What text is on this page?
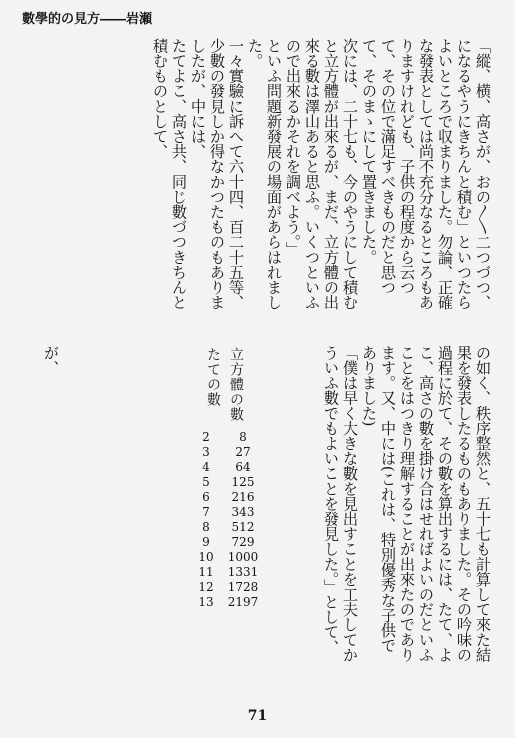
數學的の見方――岩瀬

「縱、横、高さが、おの〳〵二つづつ、になるやうにきちんと積む」といつたらよいところで収まりました。勿論、正確な發表としては尚不充分なるところもありますけれども、子供の程度から云つて、その位で滿足すべきものだと思つて、そのまゝにして置きました。

次には、二十七も、今のやうにして積むと立方體が出來るが、まだ、立方體の出來る數は澤山あると思ふ。いくつといふので出來るかそれを調べよう。」

といふ問題新發展の場面があらはれました。

一々實驗に訴へて六十四、百二十五等、少數の發見しか得なかつたものもありましたが、中には、

たてよこ、高さ共、同じ數づつきちんと積むものとして、

の如く、秩序整然と、五十七も計算して來た結果を發表したるものもありました。その吟味の過程に於て、その數を算出するには、たて、よこ、高さの數を掛け合はせればよいのだといふことをはつきり理解することが出來たのであります。又、中には(これは、特別優秀な子供でありました)

「僕は早く大きな數を見出すことを工夫してかういふ數でもよいことを發見した。」として、

立方體の數
たての數
2345678910111213
827641252163435127291000133117282197

が、

71
